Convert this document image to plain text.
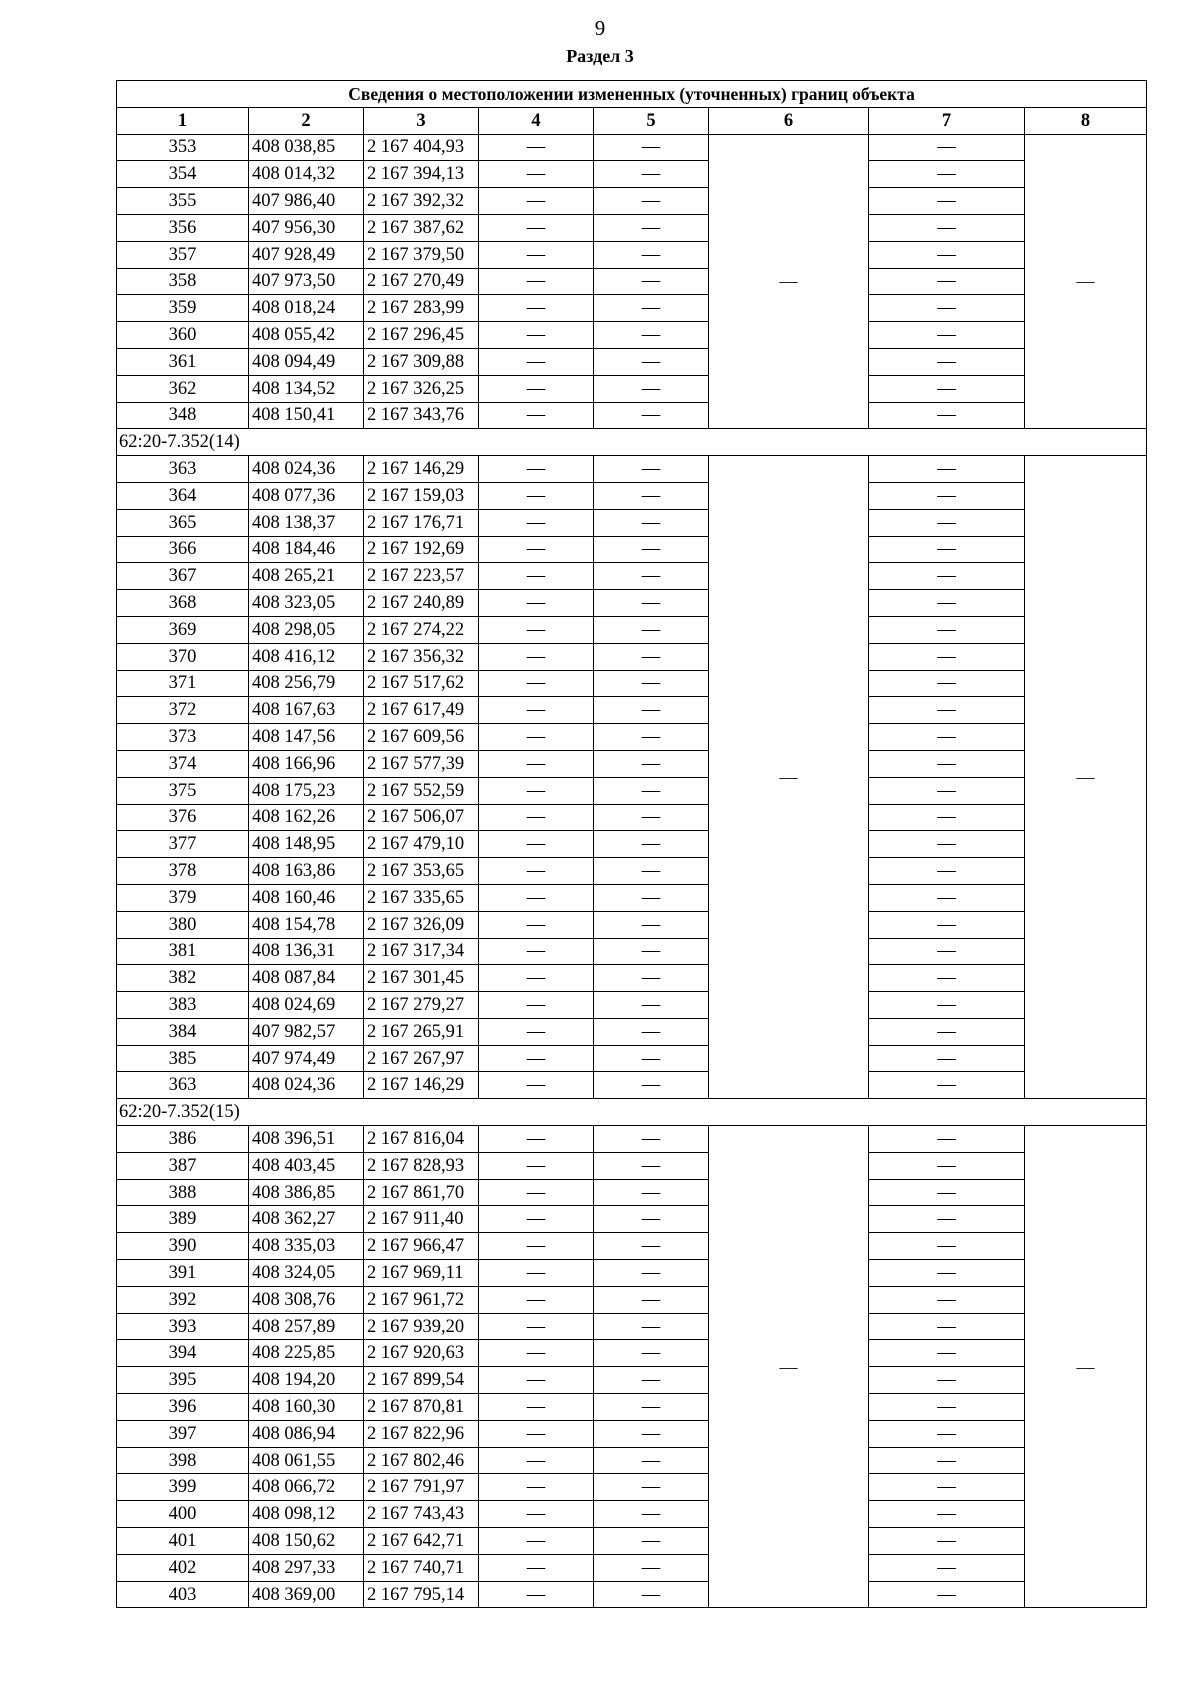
9
Раздел 3
Сведения о местоположении измененных (уточненных) границ объекта							
1	2	3	4	5	6	7	8
353	408 038,85	2 167 404,93	—	—	—	—	—
354	408 014,32	2 167 394,13	—	—		—	
355	407 986,40	2 167 392,32	—	—		—	
356	407 956,30	2 167 387,62	—	—		—	
357	407 928,49	2 167 379,50	—	—		—	
358	407 973,50	2 167 270,49	—	—		—	
359	408 018,24	2 167 283,99	—	—		—	
360	408 055,42	2 167 296,45	—	—		—	
361	408 094,49	2 167 309,88	—	—		—	
362	408 134,52	2 167 326,25	—	—		—	
348	408 150,41	2 167 343,76	—	—		—	
62:20-7.352(14)							
363	408 024,36	2 167 146,29	—	—	—	—	—
364	408 077,36	2 167 159,03	—	—		—	
365	408 138,37	2 167 176,71	—	—		—	
366	408 184,46	2 167 192,69	—	—		—	
367	408 265,21	2 167 223,57	—	—		—	
368	408 323,05	2 167 240,89	—	—		—	
369	408 298,05	2 167 274,22	—	—		—	
370	408 416,12	2 167 356,32	—	—		—	
371	408 256,79	2 167 517,62	—	—		—	
372	408 167,63	2 167 617,49	—	—		—	
373	408 147,56	2 167 609,56	—	—		—	
374	408 166,96	2 167 577,39	—	—		—	
375	408 175,23	2 167 552,59	—	—		—	
376	408 162,26	2 167 506,07	—	—		—	
377	408 148,95	2 167 479,10	—	—		—	
378	408 163,86	2 167 353,65	—	—		—	
379	408 160,46	2 167 335,65	—	—		—	
380	408 154,78	2 167 326,09	—	—		—	
381	408 136,31	2 167 317,34	—	—		—	
382	408 087,84	2 167 301,45	—	—		—	
383	408 024,69	2 167 279,27	—	—		—	
384	407 982,57	2 167 265,91	—	—		—	
385	407 974,49	2 167 267,97	—	—		—	
363	408 024,36	2 167 146,29	—	—		—	
62:20-7.352(15)							
386	408 396,51	2 167 816,04	—	—	—	—	—
387	408 403,45	2 167 828,93	—	—		—	
388	408 386,85	2 167 861,70	—	—		—	
389	408 362,27	2 167 911,40	—	—		—	
390	408 335,03	2 167 966,47	—	—		—	
391	408 324,05	2 167 969,11	—	—		—	
392	408 308,76	2 167 961,72	—	—		—	
393	408 257,89	2 167 939,20	—	—		—	
394	408 225,85	2 167 920,63	—	—		—	
395	408 194,20	2 167 899,54	—	—		—	
396	408 160,30	2 167 870,81	—	—		—	
397	408 086,94	2 167 822,96	—	—		—	
398	408 061,55	2 167 802,46	—	—		—	
399	408 066,72	2 167 791,97	—	—		—	
400	408 098,12	2 167 743,43	—	—		—	
401	408 150,62	2 167 642,71	—	—		—	
402	408 297,33	2 167 740,71	—	—		—	
403	408 369,00	2 167 795,14	—	—		—	
